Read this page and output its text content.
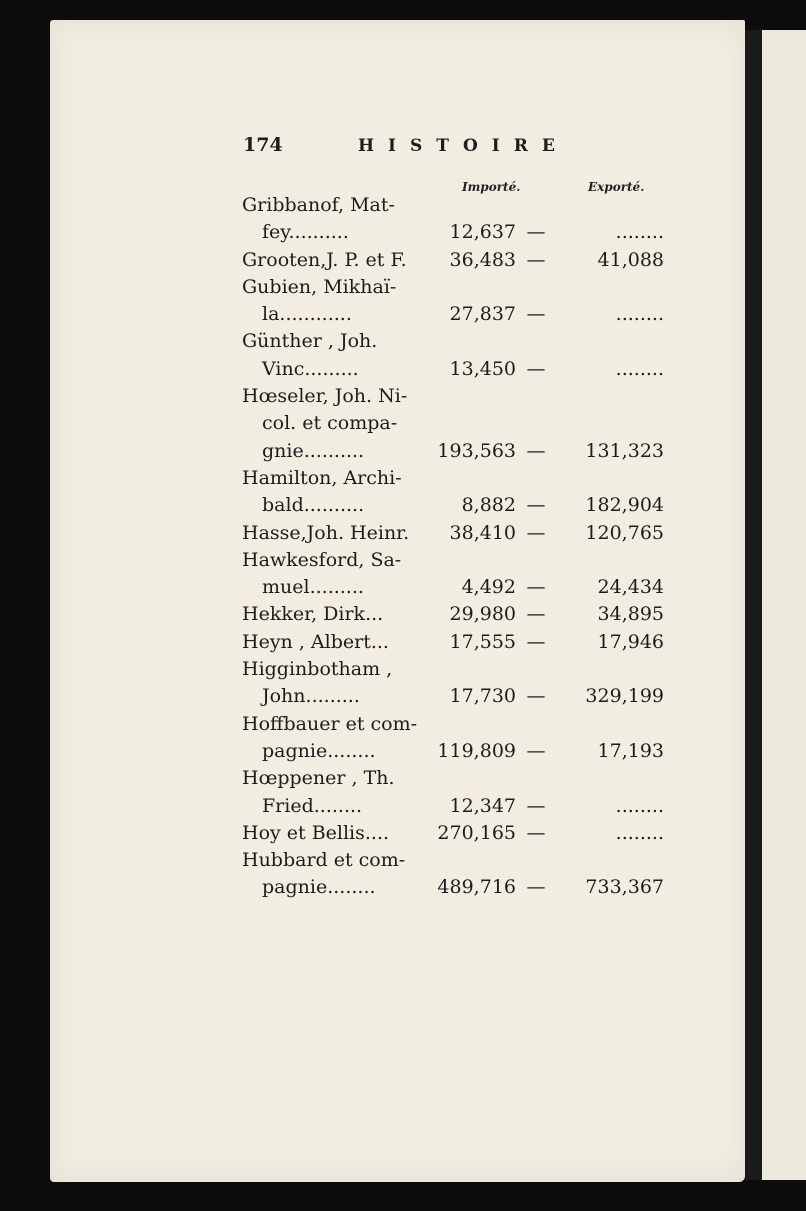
174	HISTOIRE
Importé.	Exporté.
Gribbanof, Mat-
fey..........	12,637 —	........
Grooten,J. P. et F. 36,483 —	41,088
Gubien, Mikhaï-
la............	27,837 —	........
Günther , Joh.
Vinc.........	13,450 —	........
Hœseler, Joh. Ni-
col. et compa-
gnie..........	193,563 — 131,323
Hamilton, Archi-
bald..........	8,882 — 182,904
Hasse,Joh. Heinr. 38,410 — 120,765
Hawkesford, Sa-
muel.........	4,492 —	24,434
Hekker, Dirk...	29,980 —	34,895
Heyn , Albert...	17,555 —	17,946
Higginbotham ,
John.........	17,730 — 329,199
Hoffbauer et com-
pagnie........	119,809 —	17,193
Hœppener , Th.
Fried........	12,347 —	........
Hoy et Bellis....	270,165 —	........
Hubbard et com-
pagnie........	489,716 — 733,367
